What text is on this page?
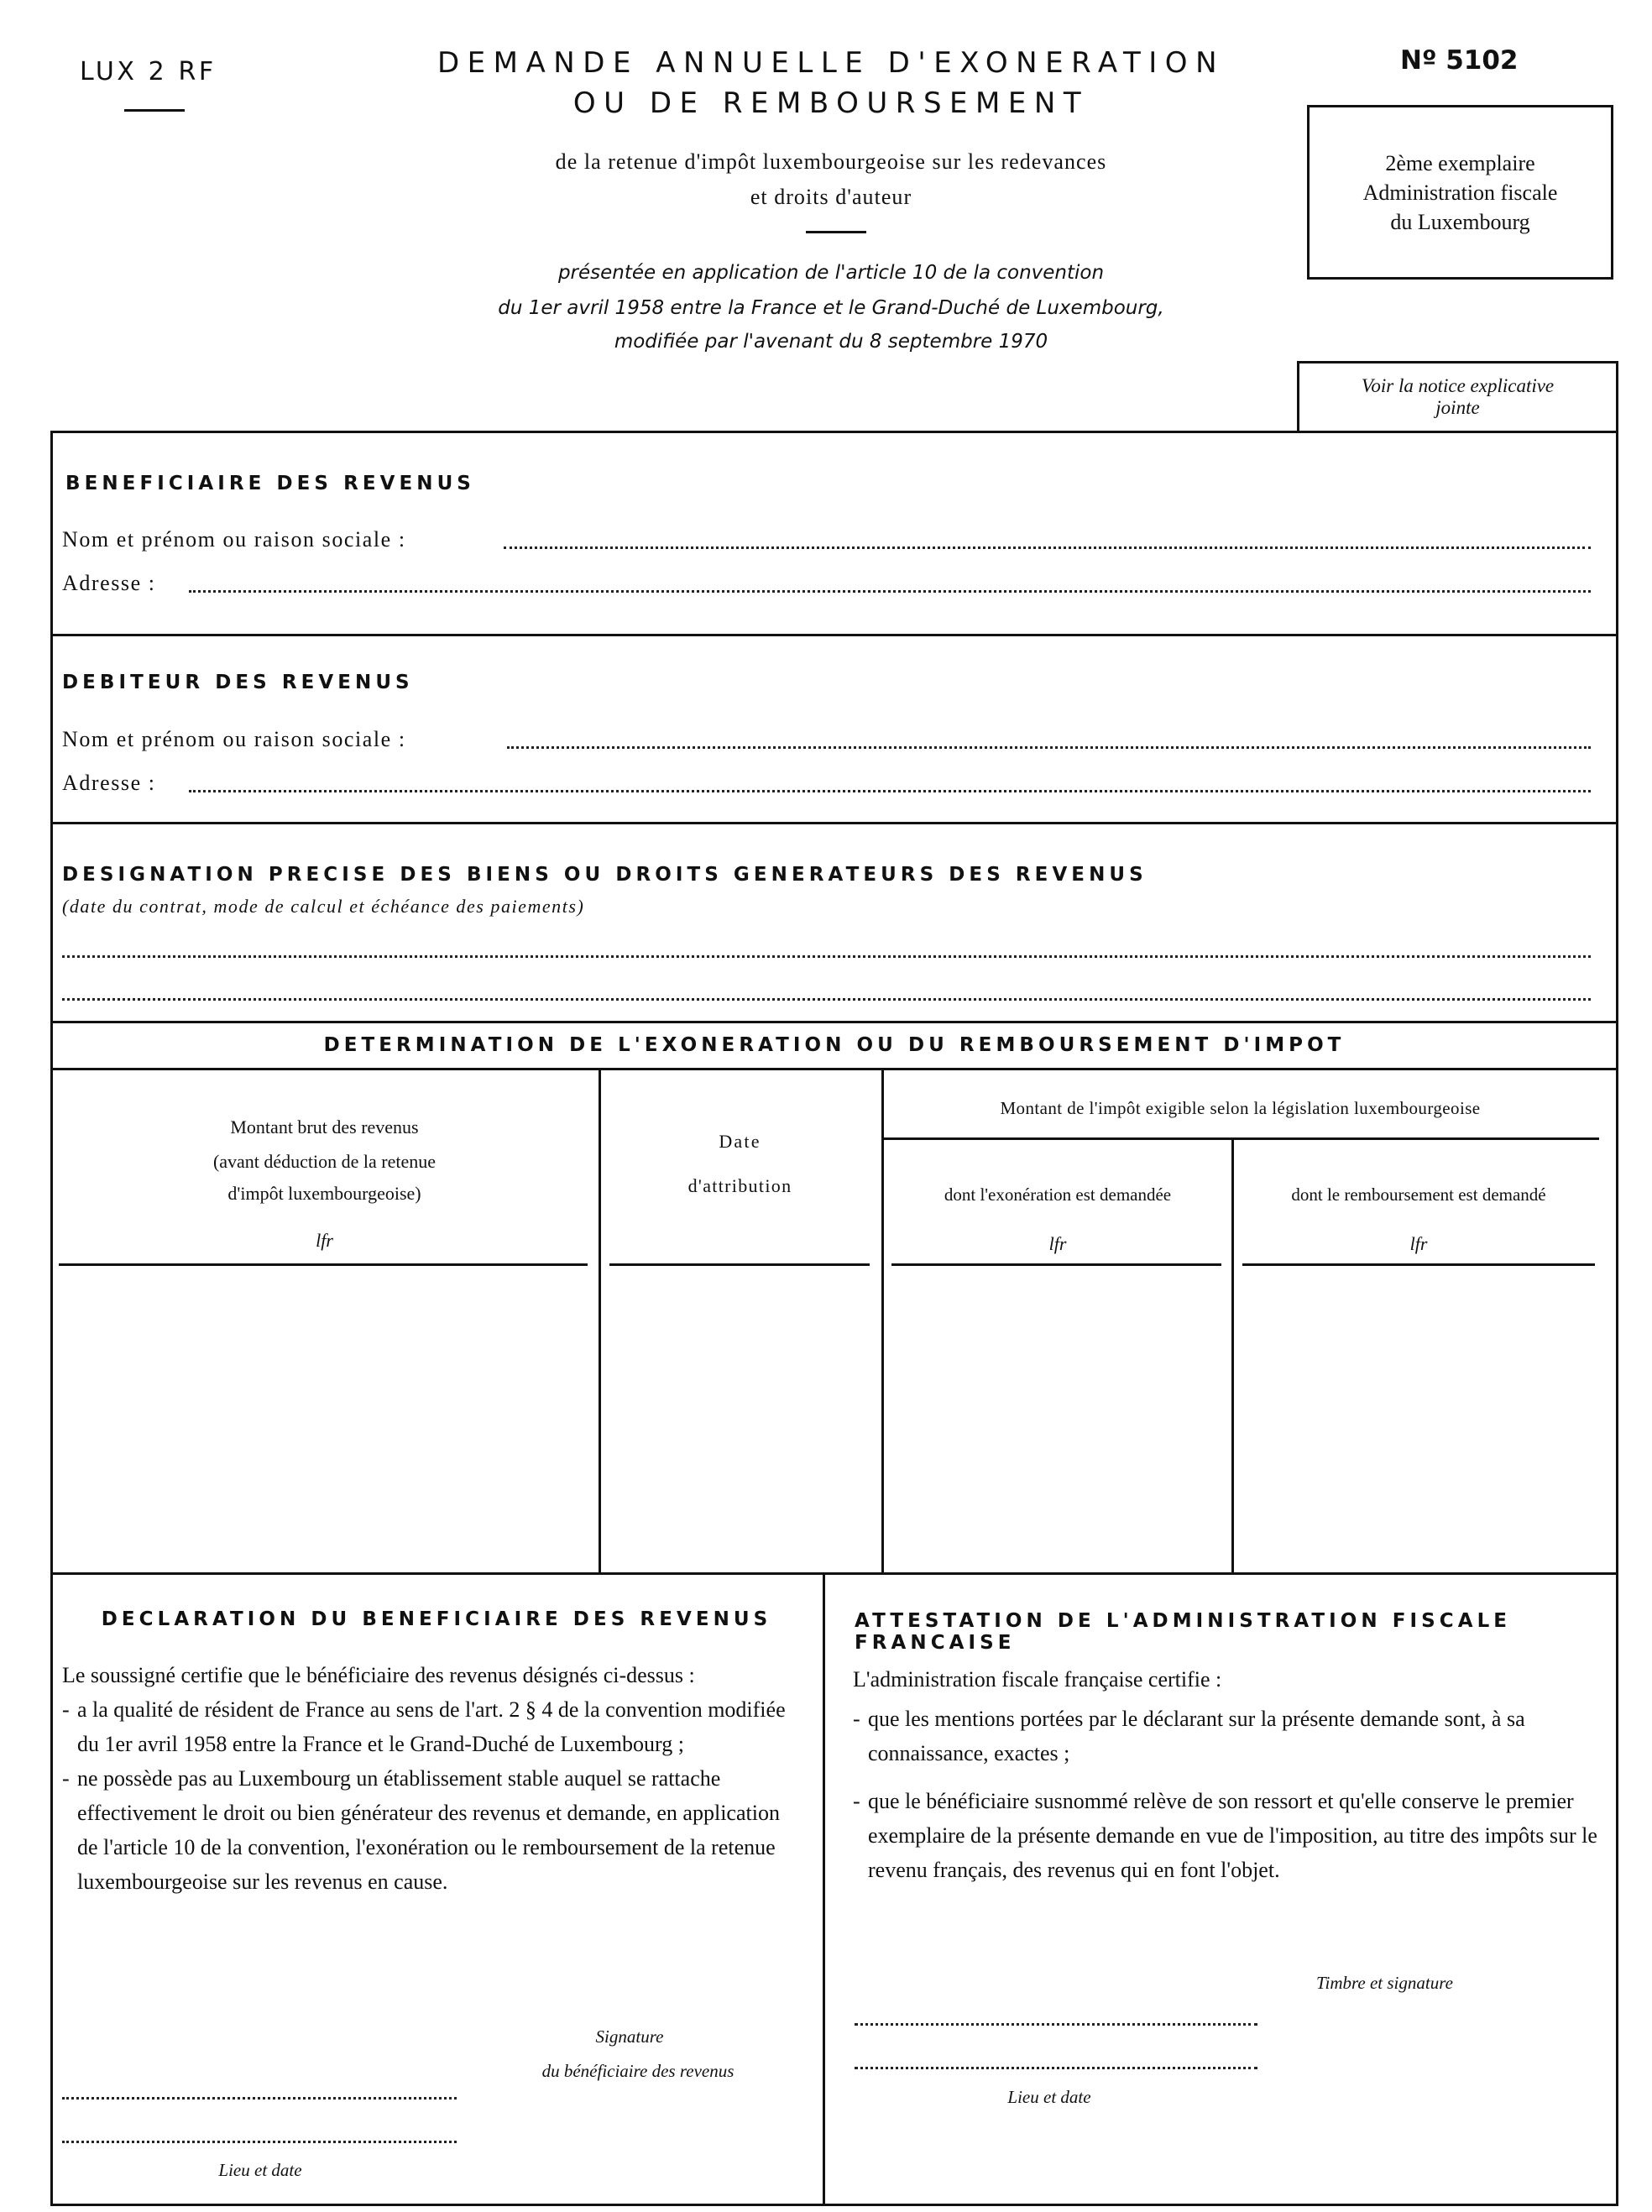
LUX 2 RF	DEMANDE ANNUELLE D'EXONERATION
OU DE REMBOURSEMENT
de la retenue d'impôt luxembourgeoise sur les redevances
et droits d'auteur
présentée en application de l'article 10 de la convention
du 1er avril 1958 entre la France et le Grand-Duché de Luxembourg,
modifiée par l'avenant du 8 septembre 1970
Nº 5102
2ème exemplaire
Administration fiscale
du Luxembourg
Voir la notice explicative
jointe
BENEFICIAIRE DES REVENUS
Nom et prénom ou raison sociale :
Adresse :
DEBITEUR DES REVENUS
Nom et prénom ou raison sociale :
Adresse :
DESIGNATION PRECISE DES BIENS OU DROITS GENERATEURS DES REVENUS
(date du contrat, mode de calcul et échéance des paiements)
DETERMINATION DE L'EXONERATION OU DU REMBOURSEMENT D'IMPOT
Montant brut des revenus
(avant déduction de la retenue
d'impôt luxembourgeoise)
lfr
Date
d'attribution
Montant de l'impôt exigible selon la législation luxembourgeoise
dont l'exonération est demandée
lfr
dont le remboursement est demandé
lfr
DECLARATION DU BENEFICIAIRE DES REVENUS
Le soussigné certifie que le bénéficiaire des revenus désignés ci-dessus :
- a la qualité de résident de France au sens de l'art. 2 § 4 de la convention modifiée du 1er avril 1958 entre la France et le Grand-Duché de Luxembourg ;
- ne possède pas au Luxembourg un établissement stable auquel se rattache effectivement le droit ou bien générateur des revenus et demande, en application de l'article 10 de la convention, l'exonération ou le remboursement de la retenue luxembourgeoise sur les revenus en cause.
Signature
du bénéficiaire des revenus
Lieu et date
ATTESTATION DE L'ADMINISTRATION FISCALE FRANCAISE
L'administration fiscale française certifie :
- que les mentions portées par le déclarant sur la présente demande sont, à sa connaissance, exactes ;
- que le bénéficiaire susnommé relève de son ressort et qu'elle conserve le premier exemplaire de la présente demande en vue de l'imposition, au titre des impôts sur le revenu français, des revenus qui en font l'objet.
Timbre et signature
Lieu et date
